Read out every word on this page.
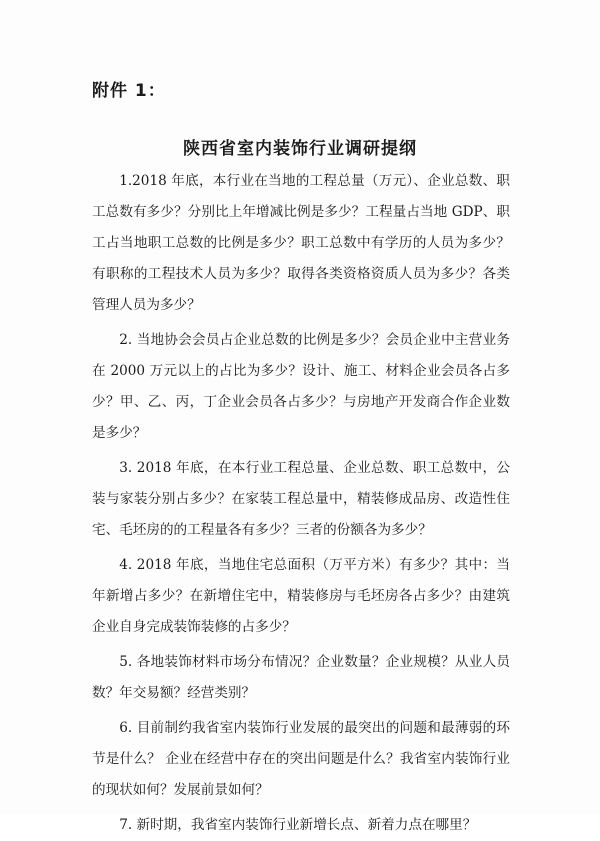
附件 1：
陕西省室内装饰行业调研提纲

1.2018 年底，本行业在当地的工程总量（万元）、企业总数、职工总数有多少？分别比上年增减比例是多少？工程量占当地 GDP、职工占当地职工总数的比例是多少？职工总数中有学历的人员为多少？有职称的工程技术人员为多少？取得各类资格资质人员为多少？各类管理人员为多少？

2. 当地协会会员占企业总数的比例是多少？会员企业中主营业务在 2000 万元以上的占比为多少？设计、施工、材料企业会员各占多少？甲、乙、丙，丁企业会员各占多少？与房地产开发商合作企业数是多少？

3. 2018 年底，在本行业工程总量、企业总数、职工总数中，公装与家装分别占多少？在家装工程总量中，精装修成品房、改造性住宅、毛坯房的的工程量各有多少？三者的份额各为多少？

4. 2018 年底，当地住宅总面积（万平方米）有多少？其中：当年新增占多少？在新增住宅中，精装修房与毛坯房各占多少？由建筑企业自身完成装饰装修的占多少？

5. 各地装饰材料市场分布情况？企业数量？企业规模？从业人员数？年交易额？经营类别？

6. 目前制约我省室内装饰行业发展的最突出的问题和最薄弱的环节是什么？ 企业在经营中存在的突出问题是什么？我省室内装饰行业的现状如何？发展前景如何？

7. 新时期，我省室内装饰行业新增长点、新着力点在哪里？
